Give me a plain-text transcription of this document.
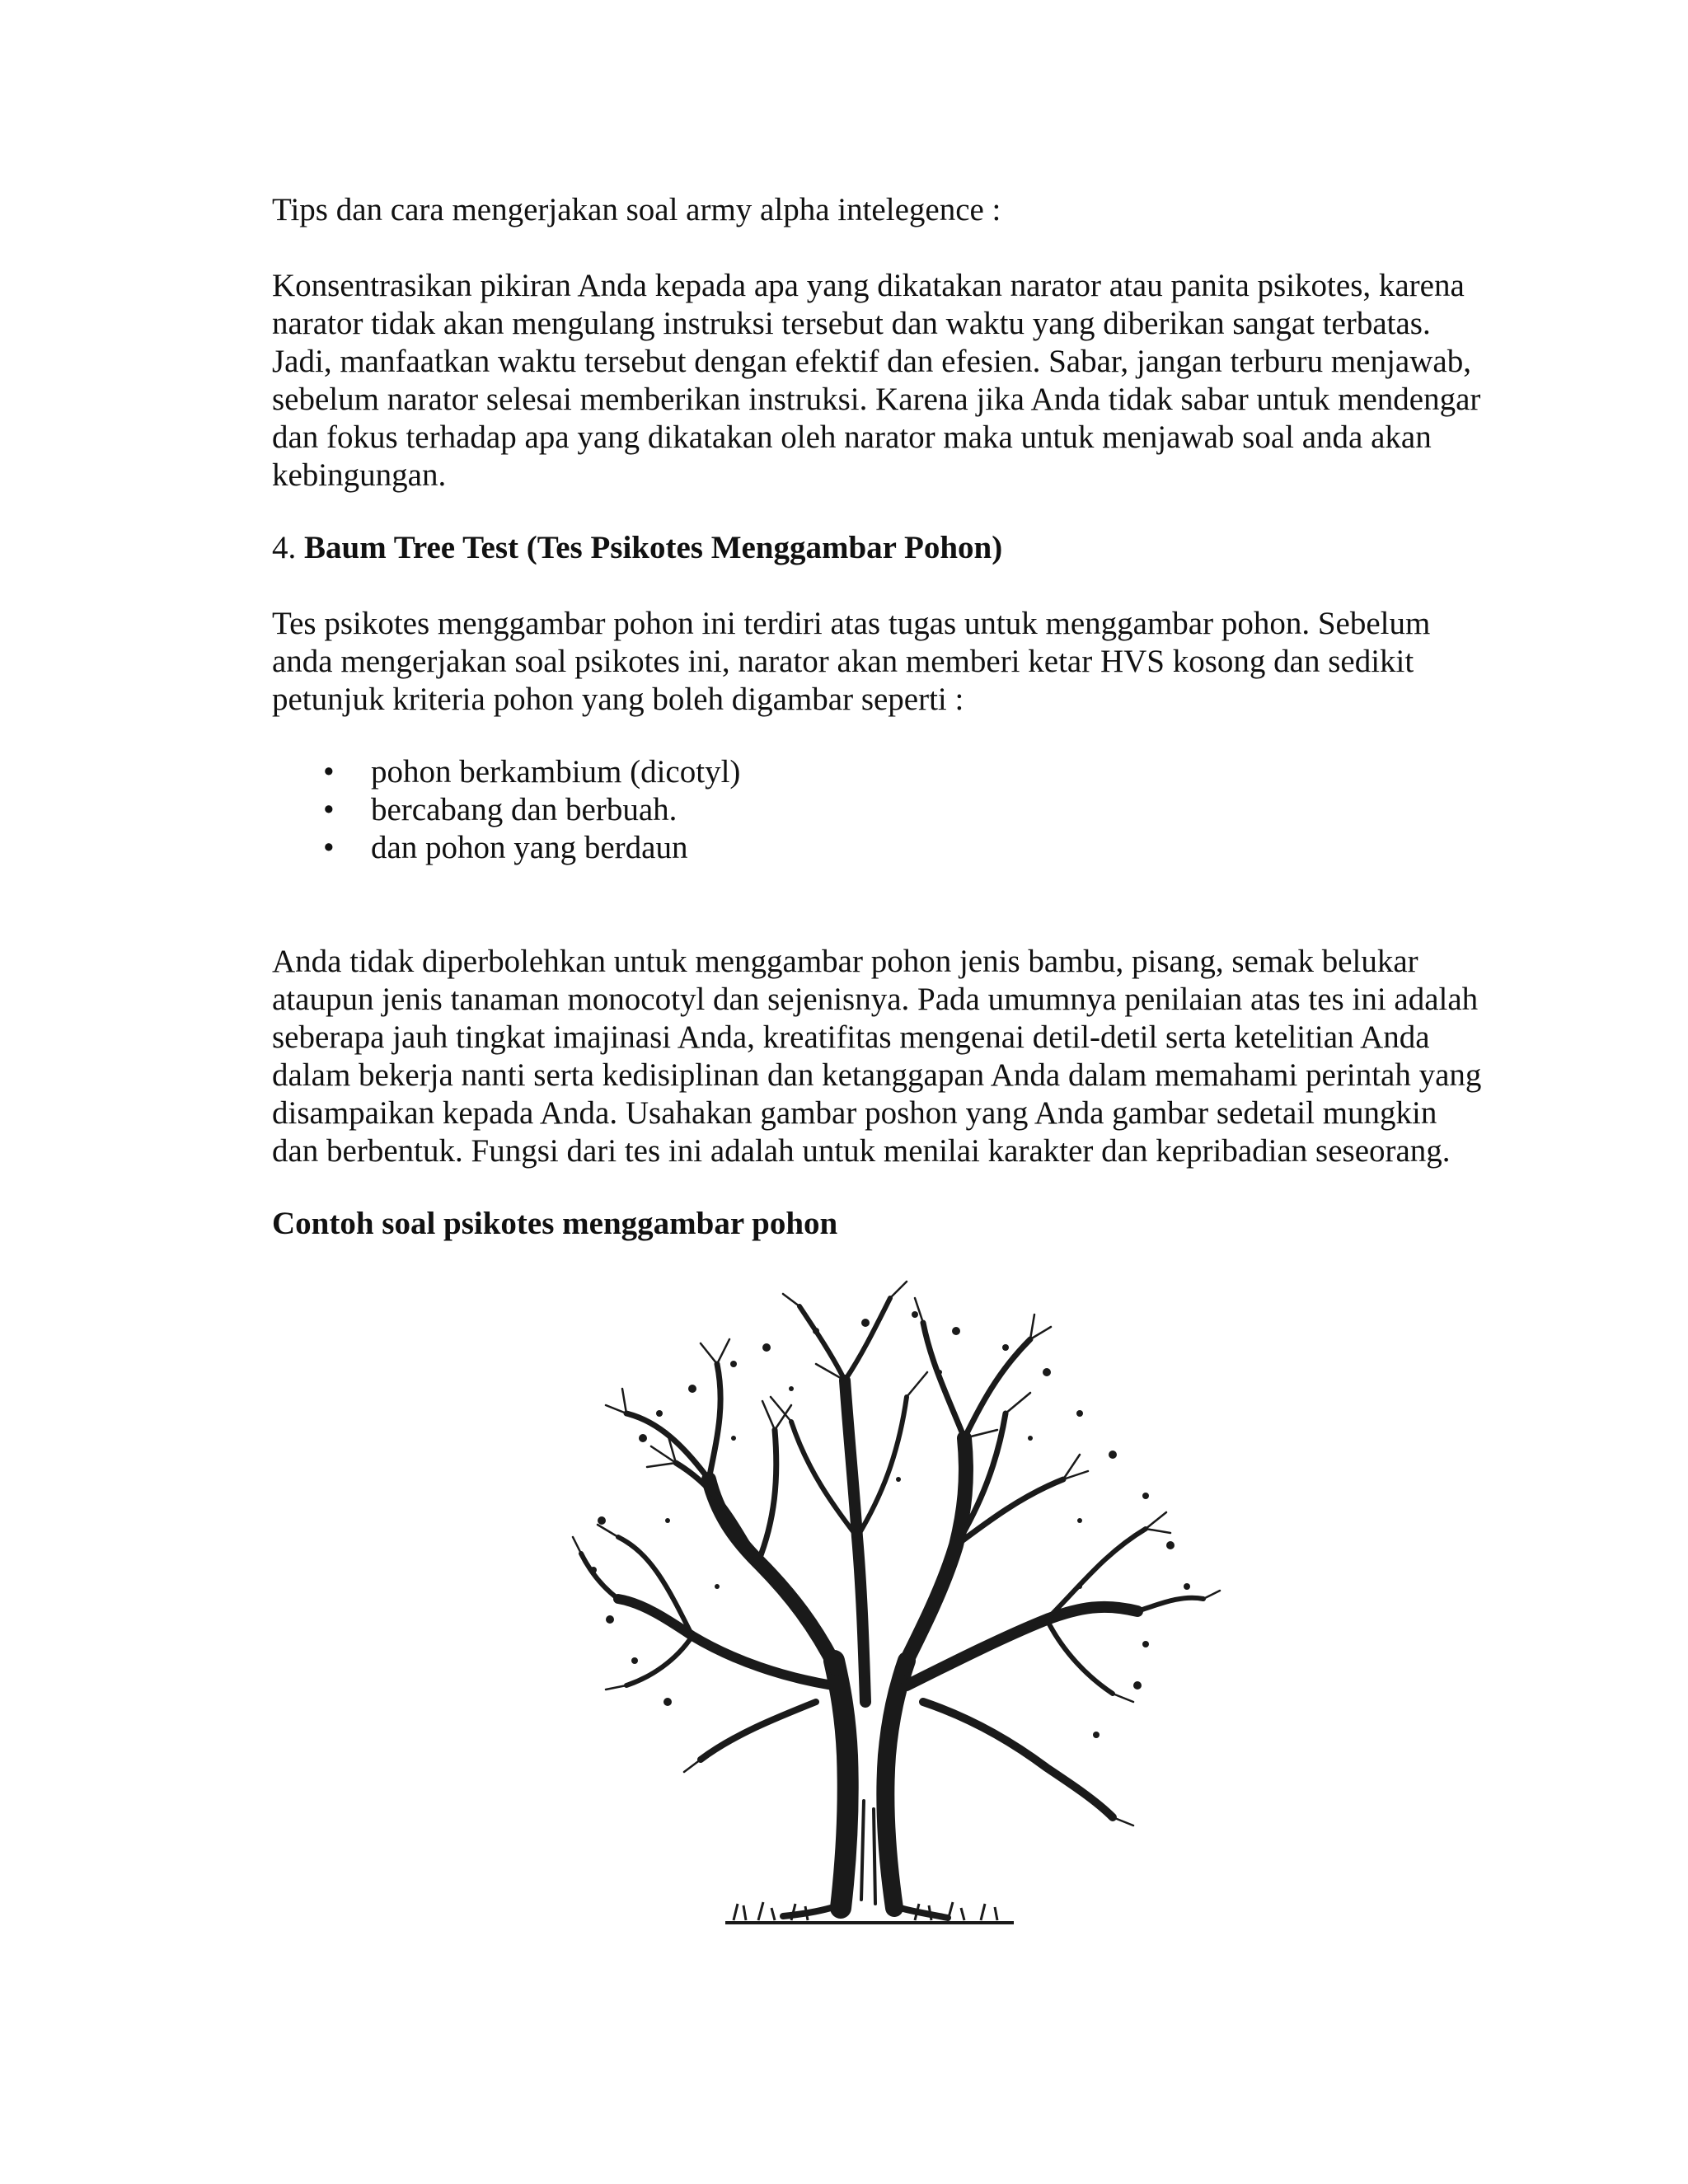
Tips dan cara mengerjakan soal army alpha intelegence :

Konsentrasikan pikiran Anda kepada apa yang dikatakan narator atau panita psikotes, karena

narator tidak akan mengulang instruksi tersebut dan waktu yang diberikan sangat terbatas.

Jadi, manfaatkan waktu tersebut dengan efektif dan efesien. Sabar, jangan terburu menjawab,

sebelum narator selesai memberikan instruksi. Karena jika Anda tidak sabar untuk mendengar

dan fokus terhadap apa yang dikatakan oleh narator maka untuk menjawab soal anda akan

kebingungan.

4. Baum Tree Test (Tes Psikotes Menggambar Pohon)

Tes psikotes menggambar pohon ini terdiri atas tugas untuk menggambar pohon. Sebelum

anda mengerjakan soal psikotes ini, narator akan memberi ketar HVS kosong dan sedikit

petunjuk kriteria pohon yang boleh digambar seperti :

• pohon berkambium (dicotyl)
• bercabang dan berbuah.
• dan pohon yang berdaun

Anda tidak diperbolehkan untuk menggambar pohon jenis bambu, pisang, semak belukar

ataupun jenis tanaman monocotyl dan sejenisnya. Pada umumnya penilaian atas tes ini adalah

seberapa jauh tingkat imajinasi Anda, kreatifitas mengenai detil-detil serta ketelitian Anda

dalam bekerja nanti serta kedisiplinan dan ketanggapan Anda dalam memahami perintah yang

disampaikan kepada Anda. Usahakan gambar poshon yang Anda gambar sedetail mungkin

dan berbentuk. Fungsi dari tes ini adalah untuk menilai karakter dan kepribadian seseorang.

Contoh soal psikotes menggambar pohon
